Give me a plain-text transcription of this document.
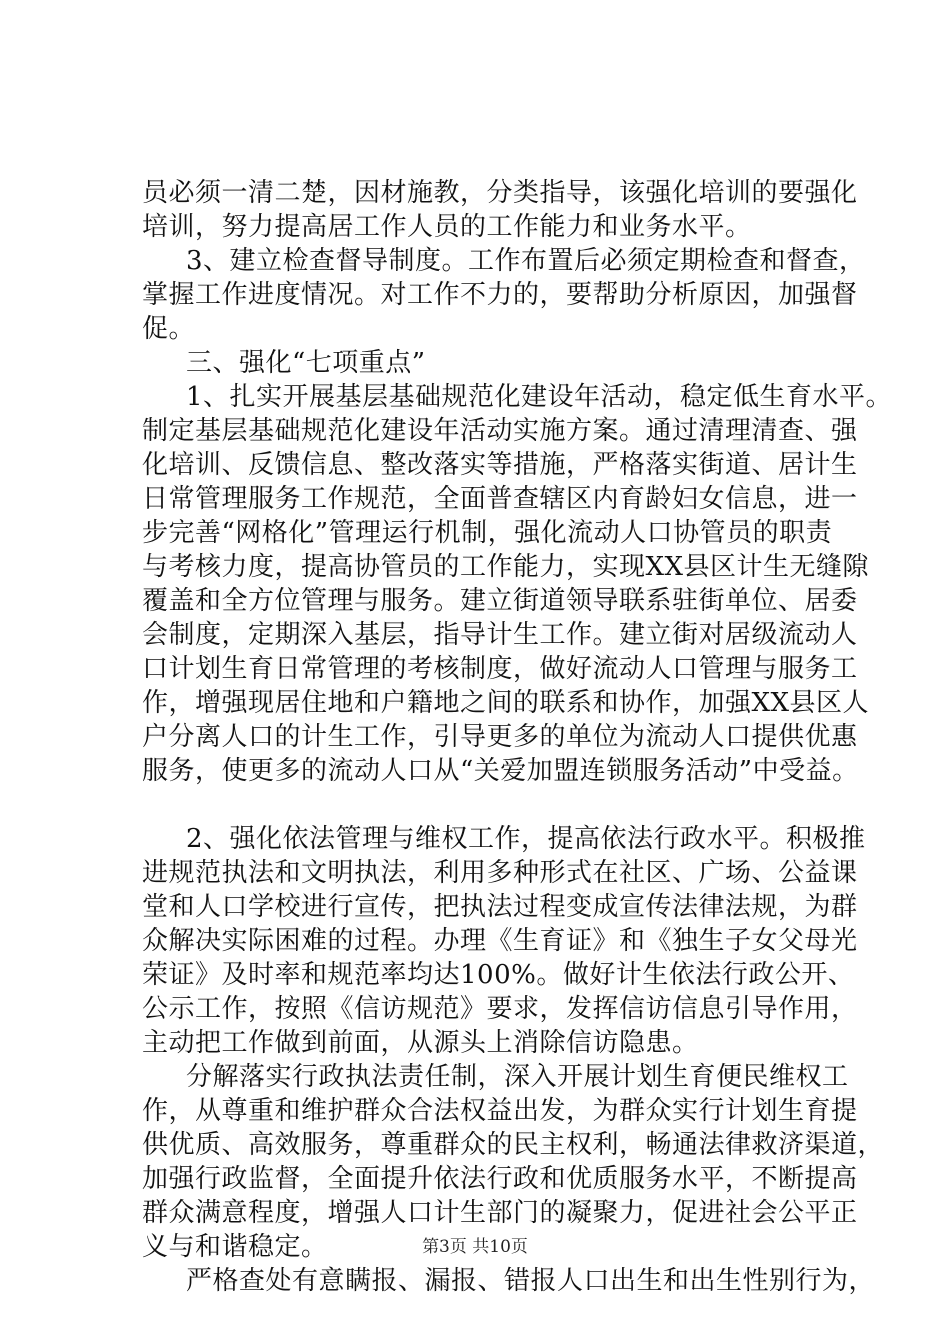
员必须一清二楚，因材施教，分类指导，该强化培训的要强化
培训，努力提高居工作人员的工作能力和业务水平。
3、建立检查督导制度。工作布置后必须定期检查和督查，
掌握工作进度情况。对工作不力的，要帮助分析原因，加强督
促。
三、强化“七项重点”
1、扎实开展基层基础规范化建设年活动，稳定低生育水平。
制定基层基础规范化建设年活动实施方案。通过清理清查、强
化培训、反馈信息、整改落实等措施，严格落实街道、居计生
日常管理服务工作规范，全面普查辖区内育龄妇女信息，进一
步完善“网格化”管理运行机制，强化流动人口协管员的职责
与考核力度，提高协管员的工作能力，实现XX县区计生无缝隙
覆盖和全方位管理与服务。建立街道领导联系驻街单位、居委
会制度，定期深入基层，指导计生工作。建立街对居级流动人
口计划生育日常管理的考核制度，做好流动人口管理与服务工
作，增强现居住地和户籍地之间的联系和协作，加强XX县区人
户分离人口的计生工作，引导更多的单位为流动人口提供优惠
服务，使更多的流动人口从“关爱加盟连锁服务活动”中受益。
2、强化依法管理与维权工作，提高依法行政水平。积极推
进规范执法和文明执法，利用多种形式在社区、广场、公益课
堂和人口学校进行宣传，把执法过程变成宣传法律法规，为群
众解决实际困难的过程。办理《生育证》和《独生子女父母光
荣证》及时率和规范率均达100%。做好计生依法行政公开、
公示工作，按照《信访规范》要求，发挥信访信息引导作用，
主动把工作做到前面，从源头上消除信访隐患。
分解落实行政执法责任制，深入开展计划生育便民维权工
作，从尊重和维护群众合法权益出发，为群众实行计划生育提
供优质、高效服务，尊重群众的民主权利，畅通法律救济渠道，
加强行政监督，全面提升依法行政和优质服务水平，不断提高
群众满意程度，增强人口计生部门的凝聚力，促进社会公平正
义与和谐稳定。
严格查处有意瞒报、漏报、错报人口出生和出生性别行为，
第3页 共10页
